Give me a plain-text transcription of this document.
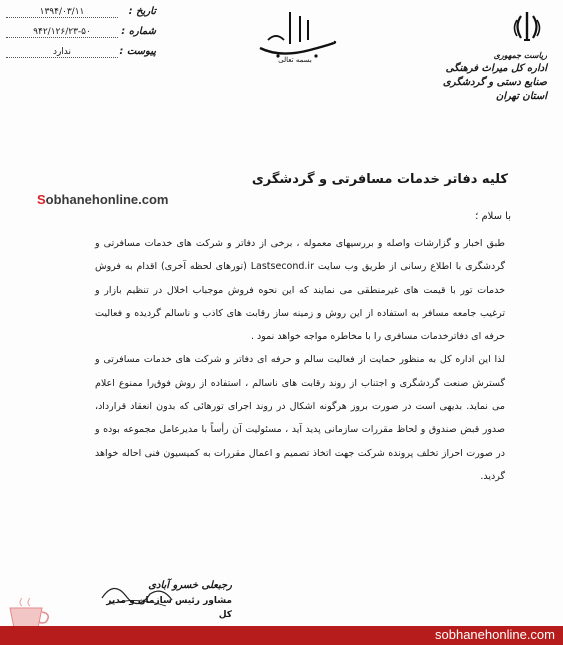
تاریخ :
۱۳۹۴/۰۳/۱۱
شماره :
۹۴۲/۱۲۶/۲۳-۵۰
پیوست :
ندارد
بسمه تعالی	ریاست جمهوری
اداره کل میراث فرهنگی
صنایع دستی و گردشگری
استان تهران
کلیه دفاتر خدمات مسافرتی و گردشگری
Sobhanehonline.com
با سلام ؛

طبق اخبار و گزارشات واصله و بررسیهای معموله ، برخی از دفاتر و شرکت های خدمات مسافرتی و گردشگری با اطلاع رسانی از طریق وب سایت Lastsecond.ir (تورهای لحظه آخری) اقدام به فروش خدمات تور با قیمت های غیرمنطقی می نمایند که این نحوه فروش موجباب اخلال در تنظیم بازار و ترغیب جامعه مسافر به استفاده از این روش و زمینه ساز رقابت های کاذب و ناسالم گردیده و فعالیت حرفه ای دفاترخدمات مسافری را با مخاطره مواجه خواهد نمود .

لذا این اداره کل به منظور حمایت از فعالیت سالم و حرفه ای دفاتر و شرکت های خدمات مسافرتی و گسترش صنعت گردشگری و اجتناب از روند رقابت های ناسالم ، استفاده از روش فوق‌را ممنوع اعلام می نماید. بدیهی است در صورت بروز هرگونه اشکال در روند اجرای تورهائی که بدون انعقاد قرارداد، صدور قبض صندوق و لحاظ مقررات سازمانی پدید آید ، مسئولیت آن رأساً با مدیرعامل مجموعه بوده و در صورت احراز تخلف پرونده شرکت جهت اتخاذ تصمیم و اعمال مقررات به کمیسیون فنی احاله خواهد گردید.

رجبعلی خسرو آبادی
مشاور رئیس سازمان و مدیر کل
sobhanehonline.com
